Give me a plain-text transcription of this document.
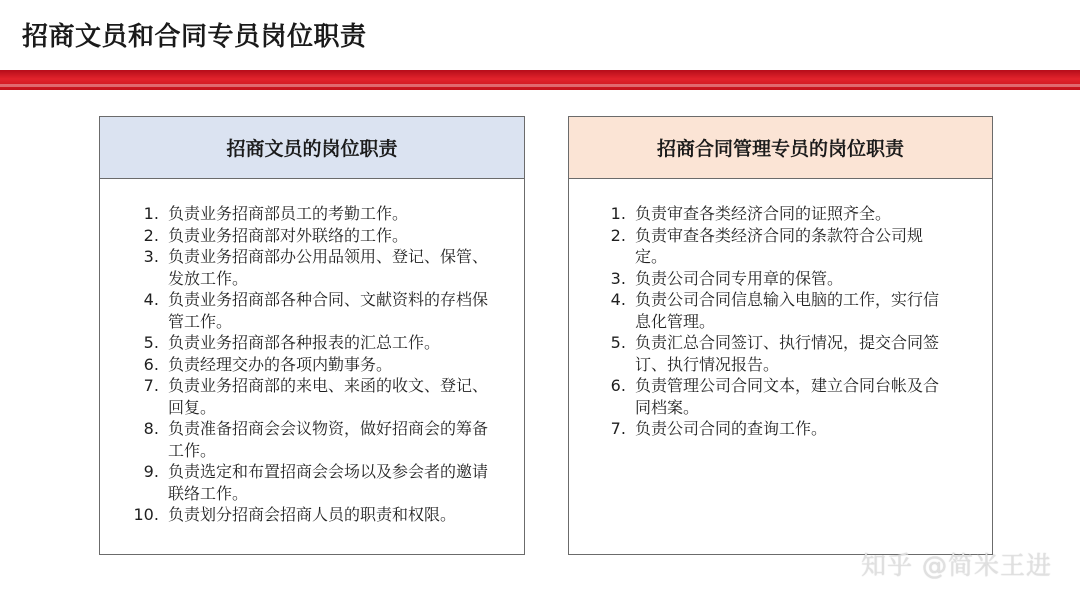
招商文员和合同专员岗位职责
招商文员的岗位职责
1. 负责业务招商部员工的考勤工作。
2. 负责业务招商部对外联络的工作。
3. 负责业务招商部办公用品领用、登记、保管、发放工作。
4. 负责业务招商部各种合同、文献资料的存档保管工作。
5. 负责业务招商部各种报表的汇总工作。
6. 负责经理交办的各项内勤事务。
7. 负责业务招商部的来电、来函的收文、登记、回复。
8. 负责准备招商会会议物资，做好招商会的筹备工作。
9. 负责选定和布置招商会会场以及参会者的邀请联络工作。
10. 负责划分招商会招商人员的职责和权限。
招商合同管理专员的岗位职责
1. 负责审查各类经济合同的证照齐全。
2. 负责审查各类经济合同的条款符合公司规定。
3. 负责公司合同专用章的保管。
4. 负责公司合同信息输入电脑的工作，实行信息化管理。
5. 负责汇总合同签订、执行情况，提交合同签订、执行情况报告。
6. 负责管理公司合同文本，建立合同台帐及合同档案。
7. 负责公司合同的查询工作。
知乎 @简米王进
